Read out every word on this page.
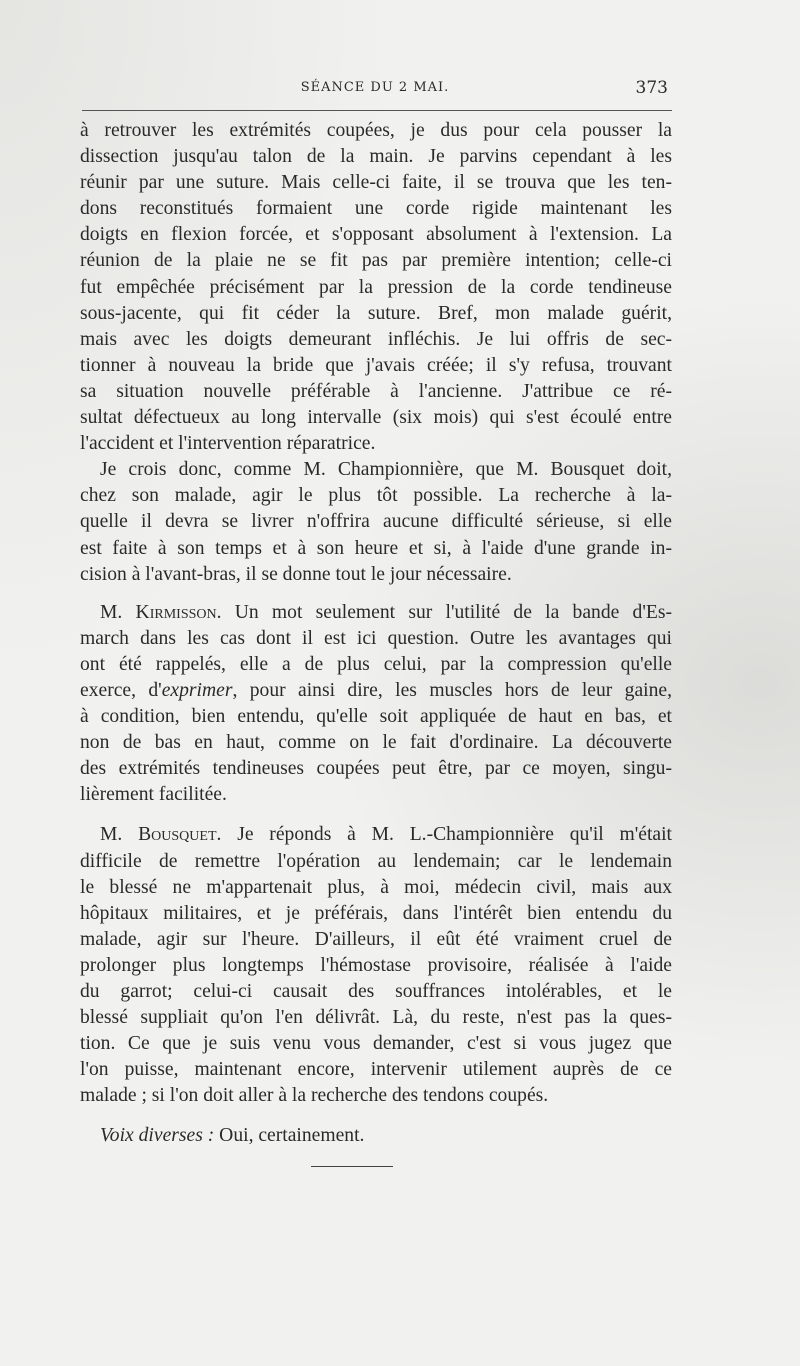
SÉANCE DU 2 MAI.	373

à retrouver les extrémités coupées, je dus pour cela pousser la
dissection jusqu'au talon de la main. Je parvins cependant à les
réunir par une suture. Mais celle-ci faite, il se trouva que les ten-
dons reconstitués formaient une corde rigide maintenant les
doigts en flexion forcée, et s'opposant absolument à l'extension. La
réunion de la plaie ne se fit pas par première intention; celle-ci
fut empêchée précisément par la pression de la corde tendineuse
sous-jacente, qui fit céder la suture. Bref, mon malade guérit,
mais avec les doigts demeurant infléchis. Je lui offris de sec-
tionner à nouveau la bride que j'avais créée; il s'y refusa, trouvant
sa situation nouvelle préférable à l'ancienne. J'attribue ce ré-
sultat défectueux au long intervalle (six mois) qui s'est écoulé entre
l'accident et l'intervention réparatrice.

Je crois donc, comme M. Championnière, que M. Bousquet doit,
chez son malade, agir le plus tôt possible. La recherche à la-
quelle il devra se livrer n'offrira aucune difficulté sérieuse, si elle
est faite à son temps et à son heure et si, à l'aide d'une grande in-
cision à l'avant-bras, il se donne tout le jour nécessaire.

M. Kirmisson. Un mot seulement sur l'utilité de la bande d'Es-
march dans les cas dont il est ici question. Outre les avantages qui
ont été rappelés, elle a de plus celui, par la compression qu'elle
exerce, d'exprimer, pour ainsi dire, les muscles hors de leur gaine,
à condition, bien entendu, qu'elle soit appliquée de haut en bas, et
non de bas en haut, comme on le fait d'ordinaire. La découverte
des extrémités tendineuses coupées peut être, par ce moyen, singu-
lièrement facilitée.

M. Bousquet. Je réponds à M. L.-Championnière qu'il m'était
difficile de remettre l'opération au lendemain; car le lendemain
le blessé ne m'appartenait plus, à moi, médecin civil, mais aux
hôpitaux militaires, et je préférais, dans l'intérêt bien entendu du
malade, agir sur l'heure. D'ailleurs, il eût été vraiment cruel de
prolonger plus longtemps l'hémostase provisoire, réalisée à l'aide
du garrot; celui-ci causait des souffrances intolérables, et le
blessé suppliait qu'on l'en délivrât. Là, du reste, n'est pas la ques-
tion. Ce que je suis venu vous demander, c'est si vous jugez que
l'on puisse, maintenant encore, intervenir utilement auprès de ce
malade ; si l'on doit aller à la recherche des tendons coupés.

Voix diverses : Oui, certainement.
